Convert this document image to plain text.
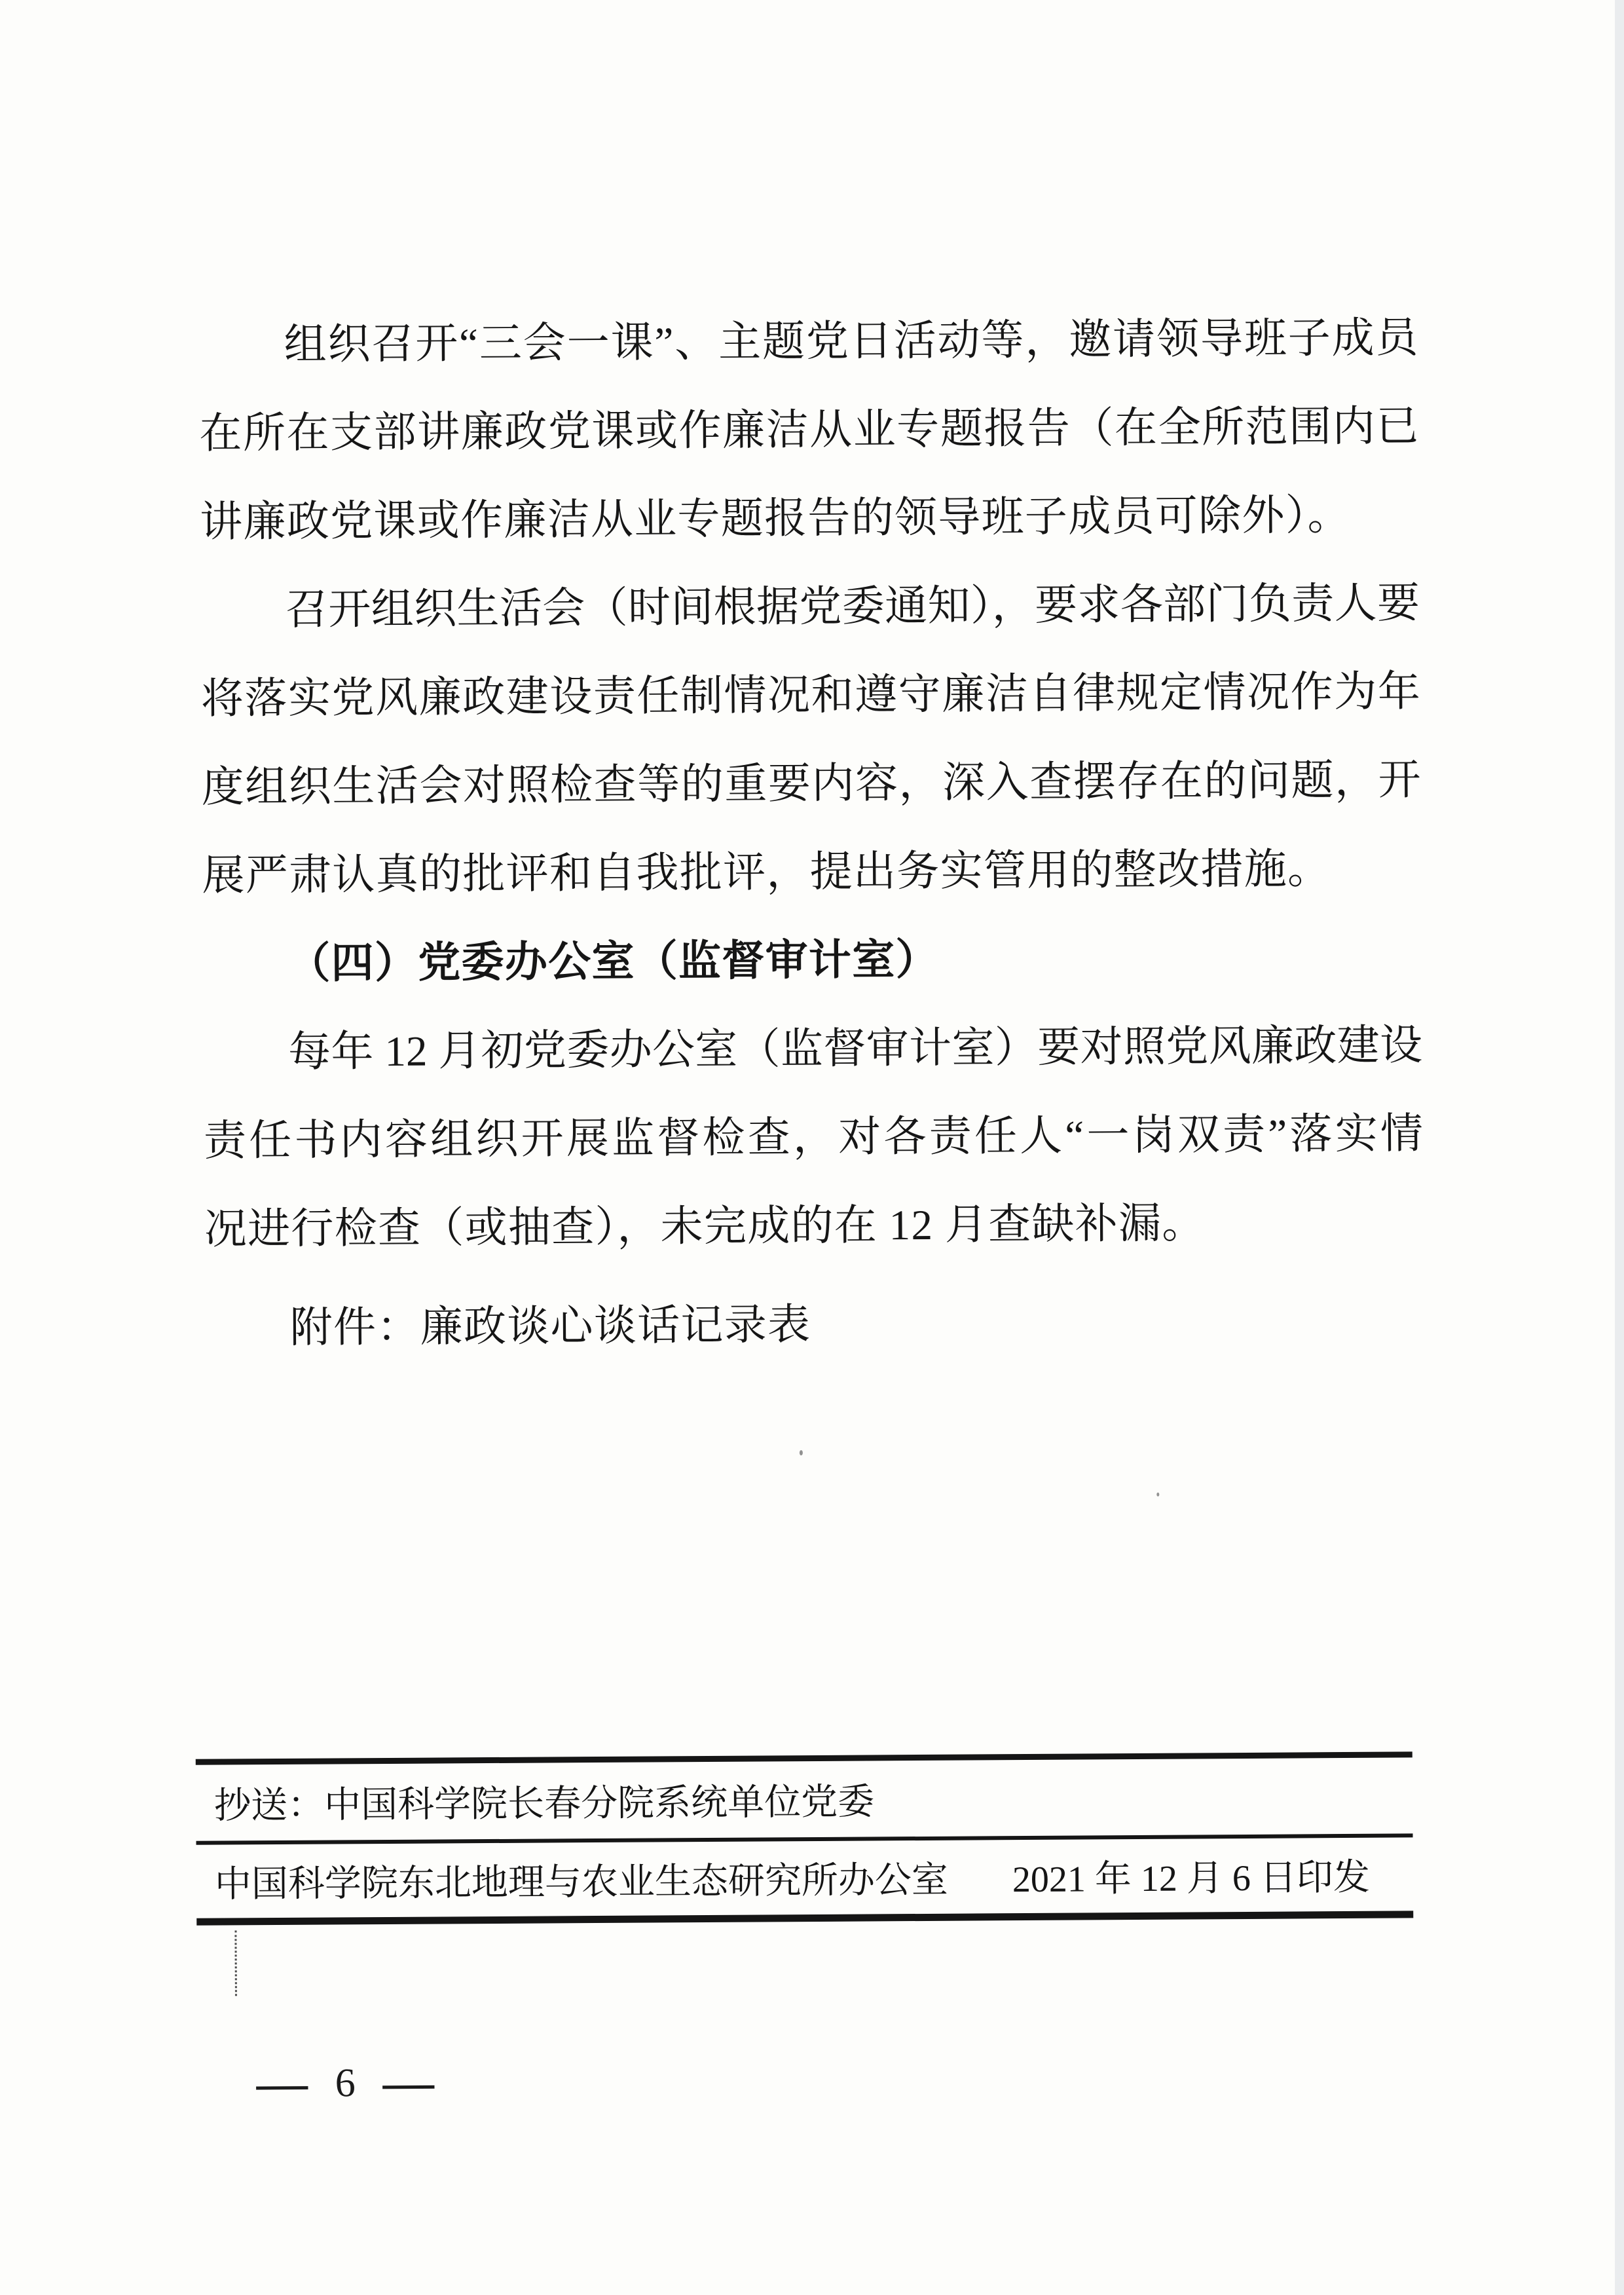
组织召开“三会一课”、主题党日活动等，邀请领导班子成员
在所在支部讲廉政党课或作廉洁从业专题报告（在全所范围内已
讲廉政党课或作廉洁从业专题报告的领导班子成员可除外）。
召开组织生活会（时间根据党委通知），要求各部门负责人要
将落实党风廉政建设责任制情况和遵守廉洁自律规定情况作为年
度组织生活会对照检查等的重要内容，深入查摆存在的问题，开
展严肃认真的批评和自我批评，提出务实管用的整改措施。
（四）党委办公室（监督审计室）
每年 12 月初党委办公室（监督审计室）要对照党风廉政建设
责任书内容组织开展监督检查，对各责任人“一岗双责”落实情
况进行检查（或抽查），未完成的在 12 月查缺补漏。
附件：廉政谈心谈话记录表
抄送：中国科学院长春分院系统单位党委
中国科学院东北地理与农业生态研究所办公室 2021 年 12 月 6 日印发
— 6 —
